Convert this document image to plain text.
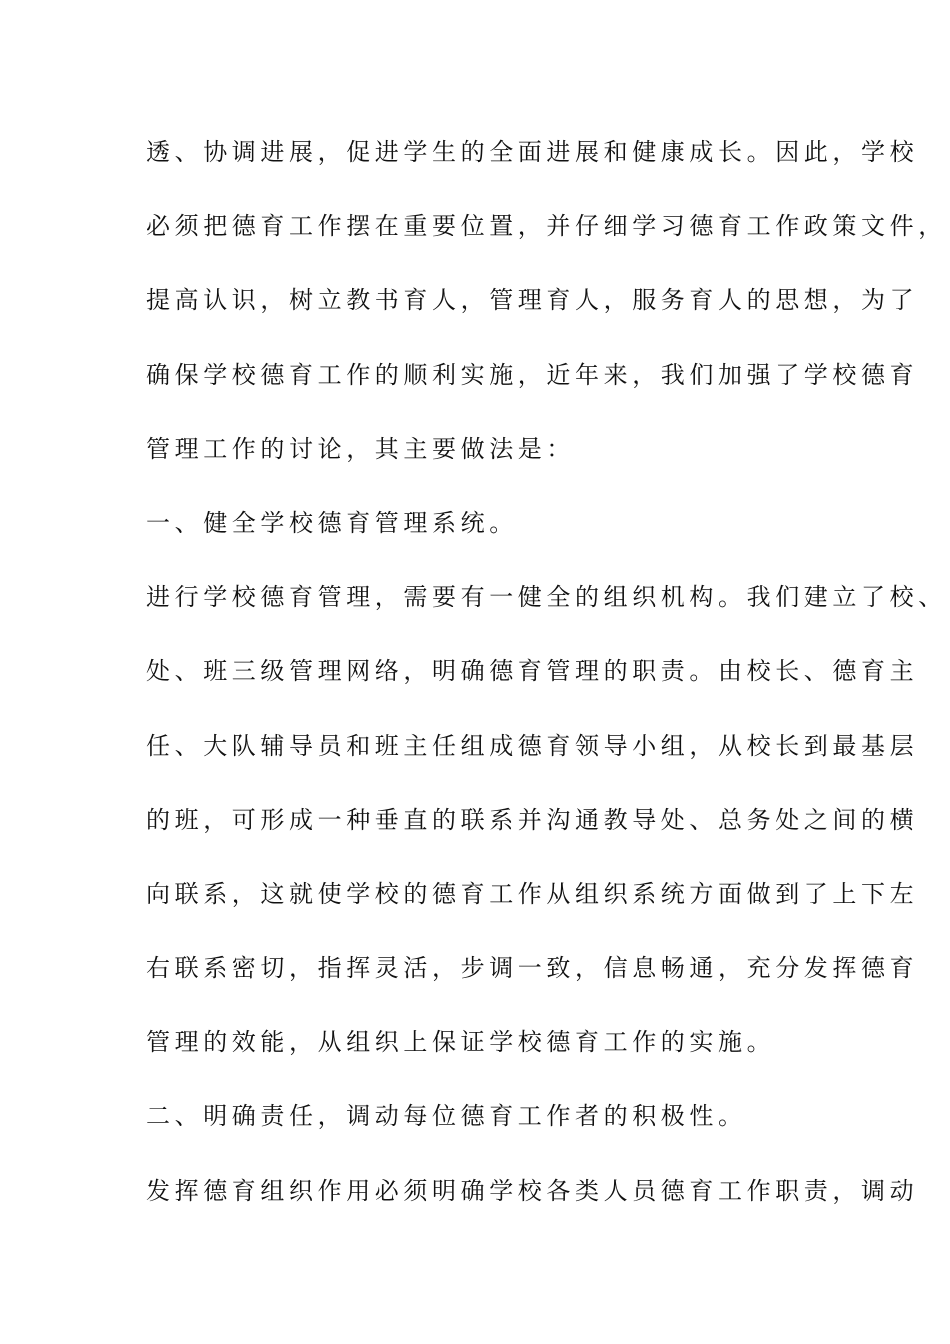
透、协调进展，促进学生的全面进展和健康成长。因此，学校
必须把德育工作摆在重要位置，并仔细学习德育工作政策文件，
提高认识，树立教书育人，管理育人，服务育人的思想，为了
确保学校德育工作的顺利实施，近年来，我们加强了学校德育
管理工作的讨论，其主要做法是：
一、健全学校德育管理系统。
进行学校德育管理，需要有一健全的组织机构。我们建立了校、
处、班三级管理网络，明确德育管理的职责。由校长、德育主
任、大队辅导员和班主任组成德育领导小组，从校长到最基层
的班，可形成一种垂直的联系并沟通教导处、总务处之间的横
向联系，这就使学校的德育工作从组织系统方面做到了上下左
右联系密切，指挥灵活，步调一致，信息畅通，充分发挥德育
管理的效能，从组织上保证学校德育工作的实施。
二、明确责任，调动每位德育工作者的积极性。
发挥德育组织作用必须明确学校各类人员德育工作职责，调动
